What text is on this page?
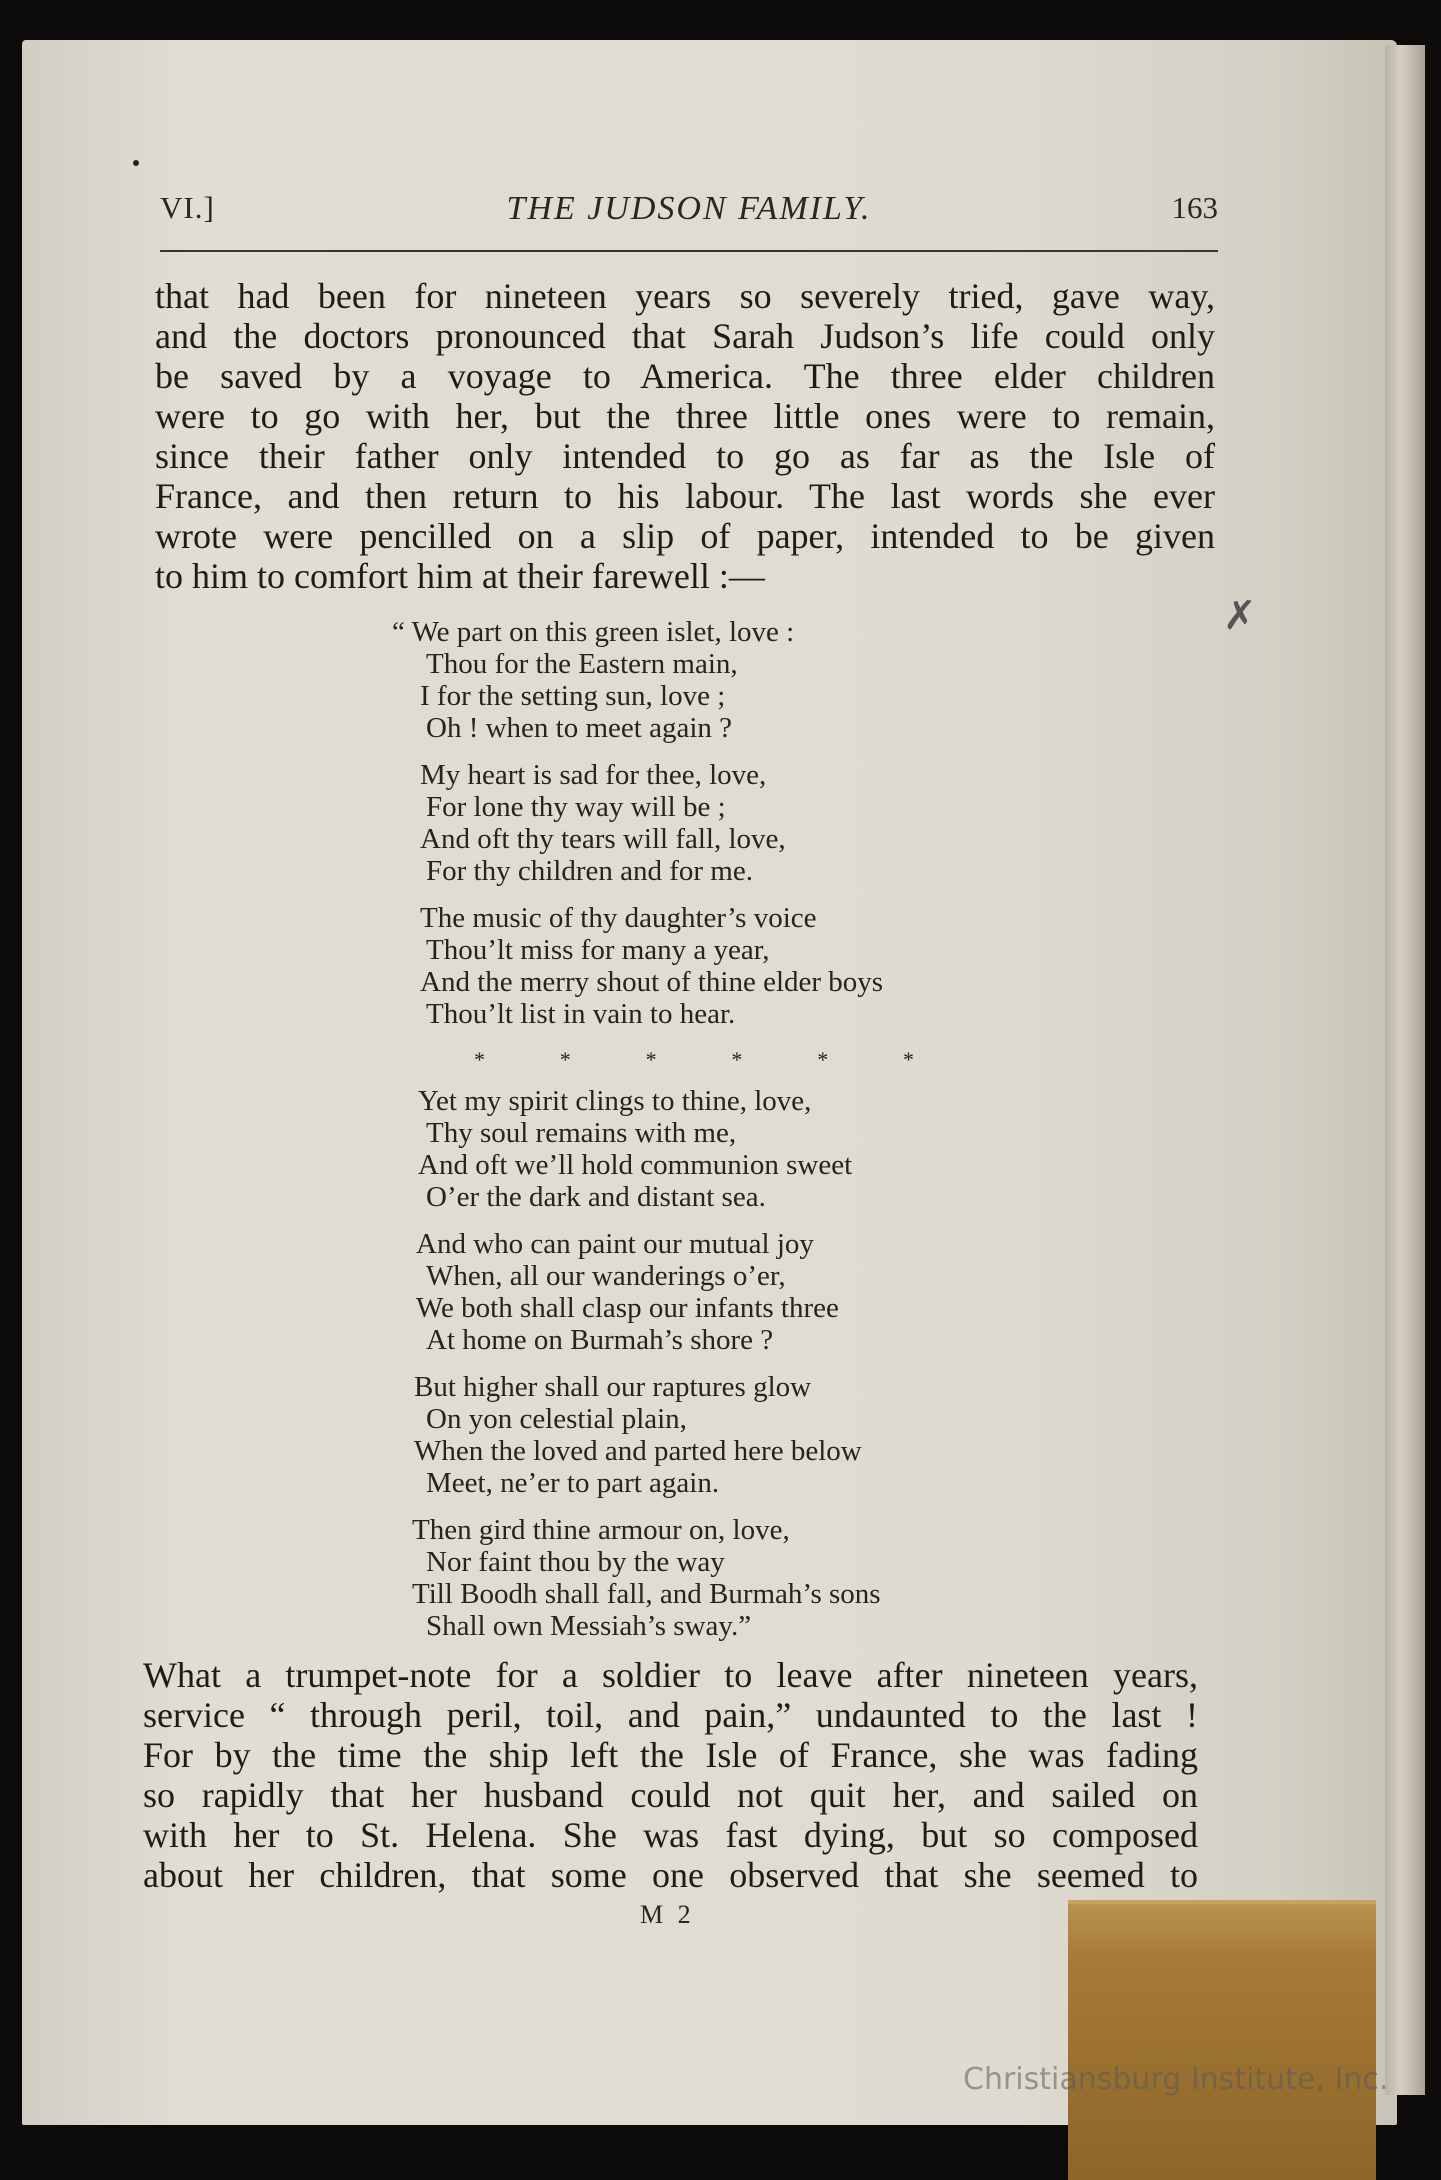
VI.]	THE JUDSON FAMILY.	163
that had been for nineteen years so severely tried, gave way,
and the doctors pronounced that Sarah Judson’s life could only
be saved by a voyage to America. The three elder children
were to go with her, but the three little ones were to remain,
since their father only intended to go as far as the Isle of
France, and then return to his labour. The last words she ever
wrote were pencilled on a slip of paper, intended to be given
to him to comfort him at their farewell :—
✗
“ We part on this green islet, love :
Thou for the Eastern main,
I for the setting sun, love ;
Oh ! when to meet again ?
My heart is sad for thee, love,
For lone thy way will be ;
And oft thy tears will fall, love,
For thy children and for me.
The music of thy daughter’s voice
Thou’lt miss for many a year,
And the merry shout of thine elder boys
Thou’lt list in vain to hear.
*	*	*	*	*	*
Yet my spirit clings to thine, love,
Thy soul remains with me,
And oft we’ll hold communion sweet
O’er the dark and distant sea.
And who can paint our mutual joy
When, all our wanderings o’er,
We both shall clasp our infants three
At home on Burmah’s shore ?
But higher shall our raptures glow
On yon celestial plain,
When the loved and parted here below
Meet, ne’er to part again.
Then gird thine armour on, love,
Nor faint thou by the way
Till Boodh shall fall, and Burmah’s sons
Shall own Messiah’s sway.”
What a trumpet-note for a soldier to leave after nineteen years,
service “ through peril, toil, and pain,” undaunted to the last !
For by the time the ship left the Isle of France, she was fading
so rapidly that her husband could not quit her, and sailed on
with her to St. Helena. She was fast dying, but so composed
about her children, that some one observed that she seemed to
M 2
Christiansburg Institute, Inc.
